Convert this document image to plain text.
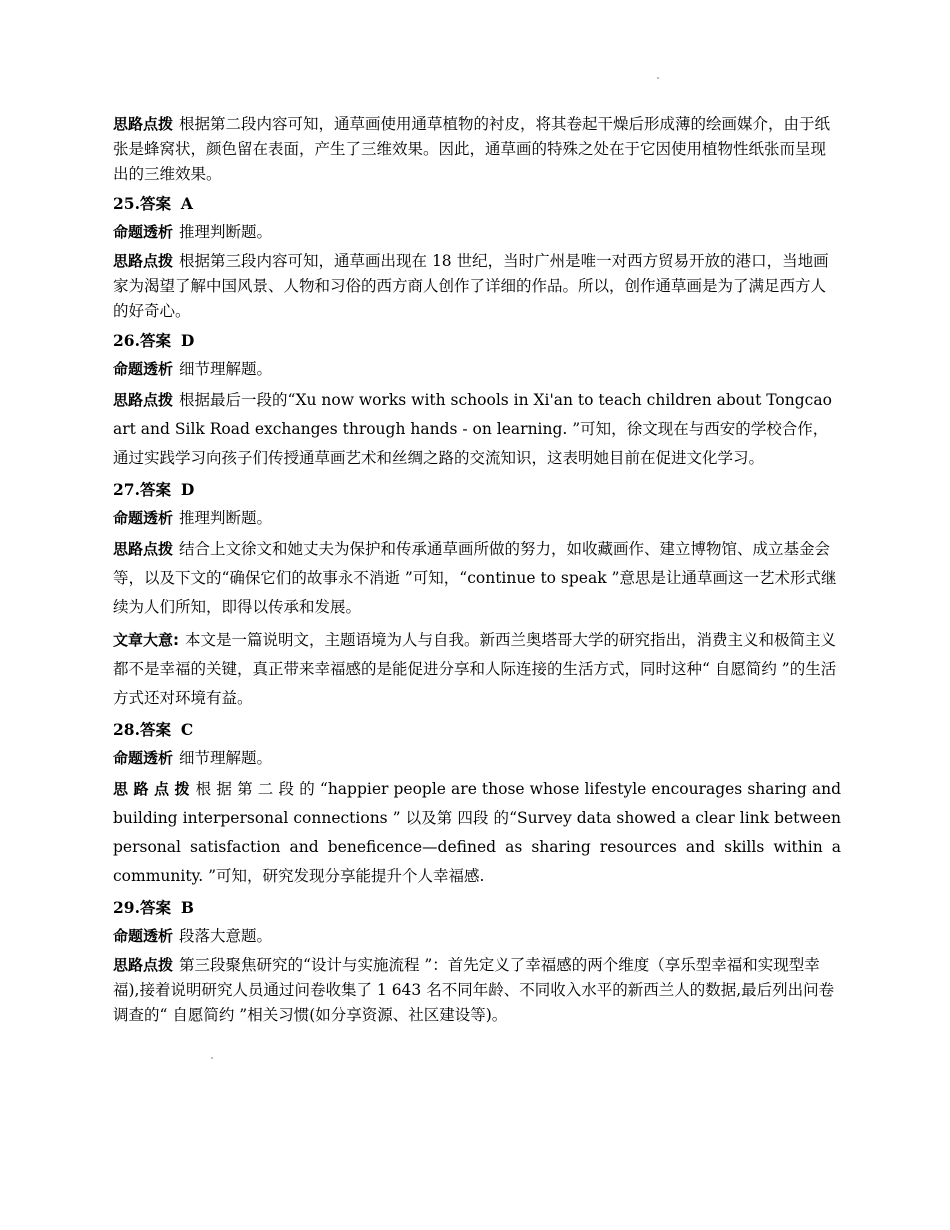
思路点拨 根据第二段内容可知，通草画使用通草植物的衬皮，将其卷起干燥后形成薄的绘画媒介，由于纸张是蜂窝状，颜色留在表面，产生了三维效果。因此，通草画的特殊之处在于它因使用植物性纸张而呈现出的三维效果。

25.答案 A

命题透析 推理判断题。

思路点拨 根据第三段内容可知，通草画出现在 18 世纪，当时广州是唯一对西方贸易开放的港口，当地画家为渴望了解中国风景、人物和习俗的西方商人创作了详细的作品。所以，创作通草画是为了满足西方人的好奇心。

26.答案 D

命题透析 细节理解题。

思路点拨 根据最后一段的“Xu now works with schools in Xi'an to teach children about Tongcao art and Silk Road exchanges through hands - on learning. ”可知，徐文现在与西安的学校合作，通过实践学习向孩子们传授通草画艺术和丝绸之路的交流知识，这表明她目前在促进文化学习。

27.答案 D

命题透析 推理判断题。

思路点拨 结合上文徐文和她丈夫为保护和传承通草画所做的努力，如收藏画作、建立博物馆、成立基金会等，以及下文的“确保它们的故事永不消逝 ”可知，“continue to speak ”意思是让通草画这一艺术形式继续为人们所知，即得以传承和发展。

文章大意: 本文是一篇说明文，主题语境为人与自我。新西兰奥塔哥大学的研究指出，消费主义和极简主义都不是幸福的关键，真正带来幸福感的是能促进分享和人际连接的生活方式，同时这种“ 自愿简约 ”的生活方式还对环境有益。

28.答案 C

命题透析 细节理解题。

思 路 点 拨 根 据 第 二 段 的 “happier people are those whose lifestyle encourages sharing and building interpersonal connections ” 以及第 四段 的“Survey data showed a clear link between personal satisfaction and beneficence—defined as sharing resources and skills within a community. ”可知，研究发现分享能提升个人幸福感.

29.答案 B

命题透析 段落大意题。

思路点拨 第三段聚焦研究的“设计与实施流程 ”：首先定义了幸福感的两个维度（享乐型幸福和实现型幸福),接着说明研究人员通过问卷收集了 1 643 名不同年龄、不同收入水平的新西兰人的数据,最后列出问卷调查的“ 自愿简约 ”相关习惯(如分享资源、社区建设等)。
